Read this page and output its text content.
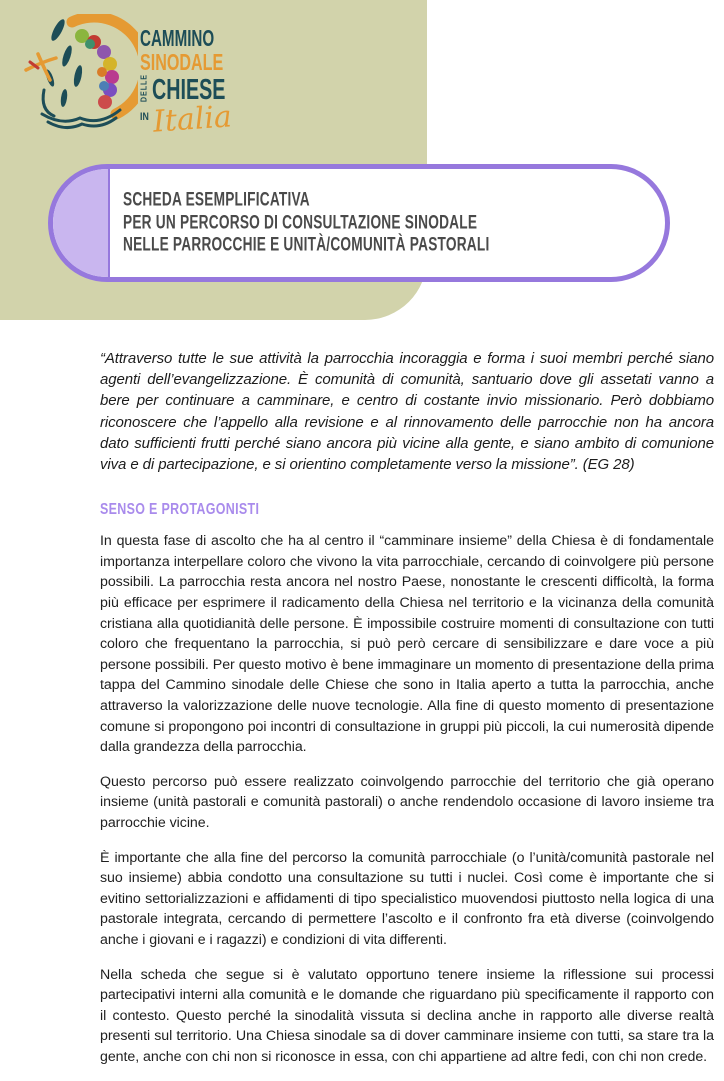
CAMMINO
SINODALE
DELLE CHIESE
IN Italia
SCHEDA ESEMPLIFICATIVA
PER UN PERCORSO DI CONSULTAZIONE SINODALE
NELLE PARROCCHIE E UNITÀ/COMUNITÀ PASTORALI

“Attraverso tutte le sue attività la parrocchia incoraggia e forma i suoi membri perché siano agenti dell’evangelizzazione. È comunità di comunità, santuario dove gli assetati vanno a bere per continuare a camminare, e centro di costante invio missionario. Però dobbiamo riconoscere che l’appello alla revisione e al rinnovamento delle parrocchie non ha ancora dato sufficienti frutti perché siano ancora più vicine alla gente, e siano ambito di comunione viva e di partecipazione, e si orientino completamente verso la missione”. (EG 28)

SENSO E PROTAGONISTI

In questa fase di ascolto che ha al centro il “camminare insieme” della Chiesa è di fondamentale importanza interpellare coloro che vivono la vita parrocchiale, cercando di coinvolgere più persone possibili. La parrocchia resta ancora nel nostro Paese, nonostante le crescenti difficoltà, la forma più efficace per esprimere il radicamento della Chiesa nel territorio e la vicinanza della comunità cristiana alla quotidianità delle persone. È impossibile costruire momenti di consultazione con tutti coloro che frequentano la parrocchia, si può però cercare di sensibilizzare e dare voce a più persone possibili. Per questo motivo è bene immaginare un momento di presentazione della prima tappa del Cammino sinodale delle Chiese che sono in Italia aperto a tutta la parrocchia, anche attraverso la valorizzazione delle nuove tecnologie. Alla fine di questo momento di presentazione comune si propongono poi incontri di consultazione in gruppi più piccoli, la cui numerosità dipende dalla grandezza della parrocchia.

Questo percorso può essere realizzato coinvolgendo parrocchie del territorio che già operano insieme (unità pastorali e comunità pastorali) o anche rendendolo occasione di lavoro insieme tra parrocchie vicine.

È importante che alla fine del percorso la comunità parrocchiale (o l’unità/comunità pastorale nel suo insieme) abbia condotto una consultazione su tutti i nuclei. Così come è importante che si evitino settorializzazioni e affidamenti di tipo specialistico muovendosi piuttosto nella logica di una pastorale integrata, cercando di permettere l’ascolto e il confronto fra età diverse (coinvolgendo anche i giovani e i ragazzi) e condizioni di vita differenti.

Nella scheda che segue si è valutato opportuno tenere insieme la riflessione sui processi partecipativi interni alla comunità e le domande che riguardano più specificamente il rapporto con il contesto. Questo perché la sinodalità vissuta si declina anche in rapporto alle diverse realtà presenti sul territorio. Una Chiesa sinodale sa di dover camminare insieme con tutti, sa stare tra la gente, anche con chi non si riconosce in essa, con chi appartiene ad altre fedi, con chi non crede.
